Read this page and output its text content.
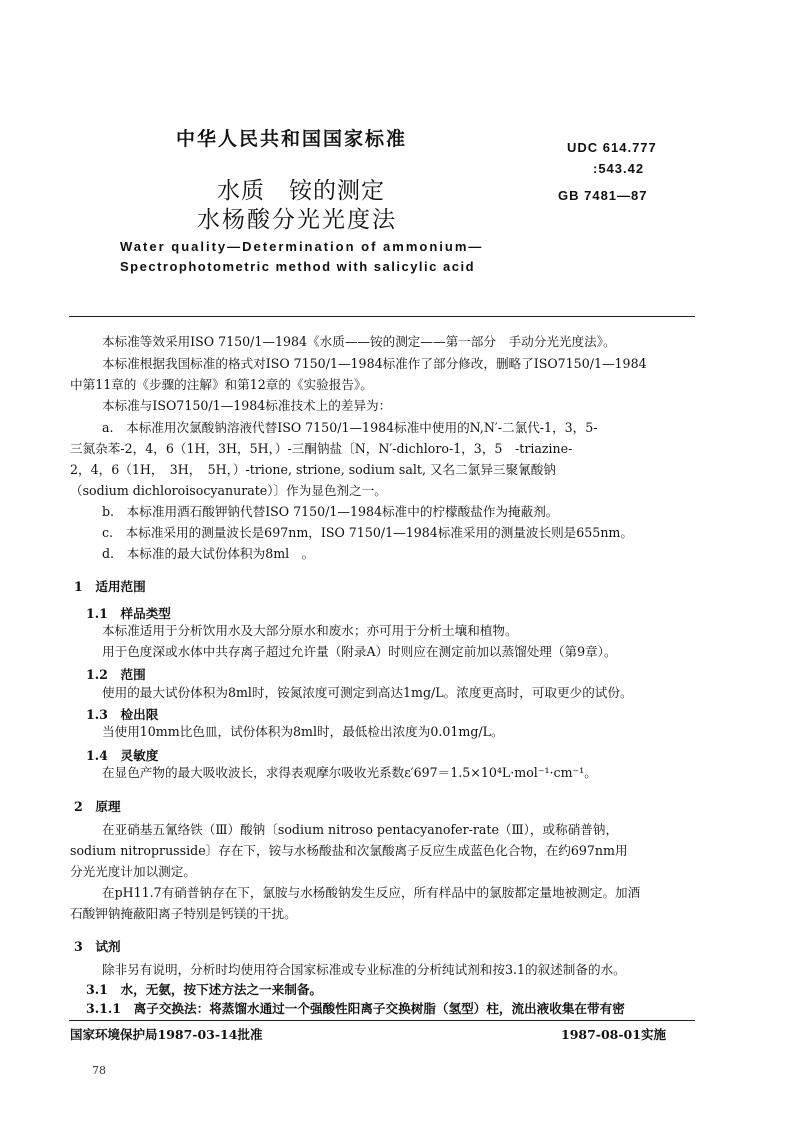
中华人民共和国国家标准	UDC 614.777
:543.42
GB 7481—87
水质　铵的测定
水杨酸分光光度法
Water quality—Determination of ammonium—
Spectrophotometric method with salicylic acid
本标准等效采用ISO 7150/1—1984《水质——铵的测定——第一部分　手动分光光度法》。
本标准根据我国标准的格式对ISO 7150/1—1984标准作了部分修改，删略了ISO7150/1—1984
中第11章的《步骤的注解》和第12章的《实验报告》。
本标准与ISO7150/1—1984标准技术上的差异为：
a.　本标准用次氯酸钠溶液代替ISO 7150/1—1984标准中使用的N,N′-二氯代-1，3，5-
三氮杂苯-2，4，6（1H，3H，5H，）-三酮钠盐〔N，N′-dichloro-1，3，5　-triazine-
2，4，6（1H，　3H，　5H，）-trione, strione, sodium salt, 又名二氯异三聚氰酸钠
（sodium dichloroisocyanurate）〕作为显色剂之一。
b.　本标准用酒石酸钾钠代替ISO 7150/1—1984标准中的柠檬酸盐作为掩蔽剂。
c.　本标准采用的测量波长是697nm，ISO 7150/1—1984标准采用的测量波长则是655nm。
d.　本标准的最大试份体积为8ml　。
1　适用范围
1.1　样品类型
本标准适用于分析饮用水及大部分原水和废水；亦可用于分析土壤和植物。
用于色度深或水体中共存离子超过允许量（附录A）时则应在测定前加以蒸馏处理（第9章）。
1.2　范围
使用的最大试份体积为8ml时，铵氮浓度可测定到高达1mg/L。浓度更高时，可取更少的试份。
1.3　检出限
当使用10mm比色皿，试份体积为8ml时，最低检出浓度为0.01mg/L。
1.4　灵敏度
在显色产物的最大吸收波长，求得表观摩尔吸收光系数ε′697＝1.5×10⁴L·mol⁻¹·cm⁻¹。
2　原理
在亚硝基五氰络铁（Ⅲ）酸钠〔sodium nitroso pentacyanofer-rate（Ⅲ），或称硝普钠，
sodium nitroprusside〕存在下，铵与水杨酸盐和次氯酸离子反应生成蓝色化合物，在约697nm用
分光光度计加以测定。
在pH11.7有硝普钠存在下，氯胺与水杨酸钠发生反应，所有样品中的氯胺都定量地被测定。加酒
石酸钾钠掩蔽阳离子特别是钙镁的干扰。
3　试剂
除非另有说明，分析时均使用符合国家标准或专业标准的分析纯试剂和按3.1的叙述制备的水。
3.1　水，无氨，按下述方法之一来制备。
3.1.1　离子交换法：将蒸馏水通过一个强酸性阳离子交换树脂（氢型）柱，流出液收集在带有密
国家环境保护局1987-03-14批准	1987-08-01实施
78
